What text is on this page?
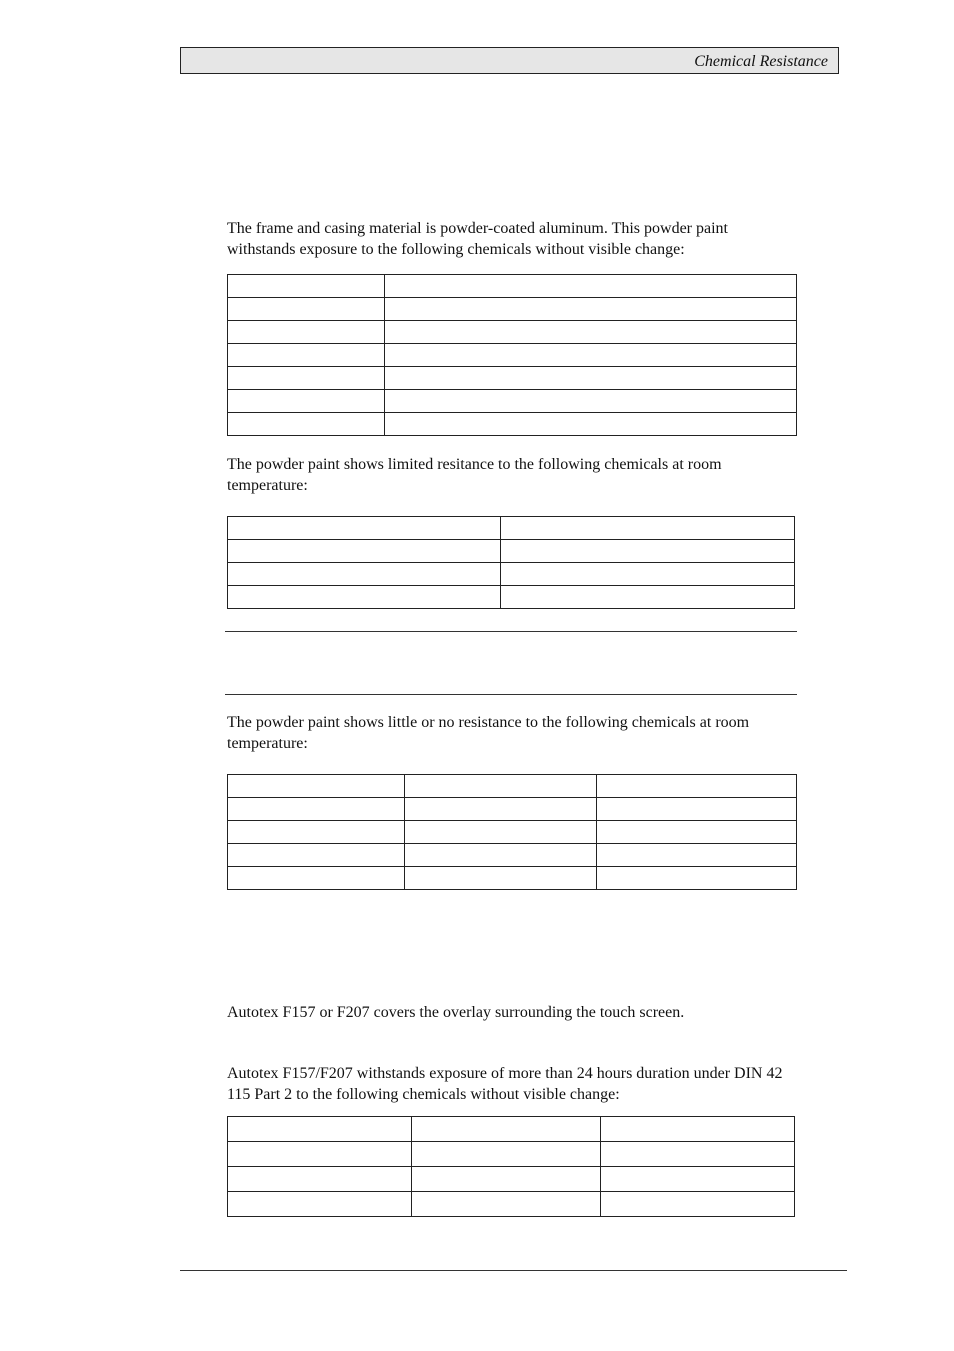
Chemical Resistance

The frame and casing material is powder-coated aluminum. This powder paint withstands exposure to the following chemicals without visible change:

The powder paint shows limited resitance to the following chemicals at room temperature:

The powder paint shows little or no resistance to the following chemicals at room temperature:

Autotex F157 or F207 covers the overlay surrounding the touch screen.

Autotex F157/F207 withstands exposure of more than 24 hours duration under DIN 42 115 Part 2 to the following chemicals without visible change:
